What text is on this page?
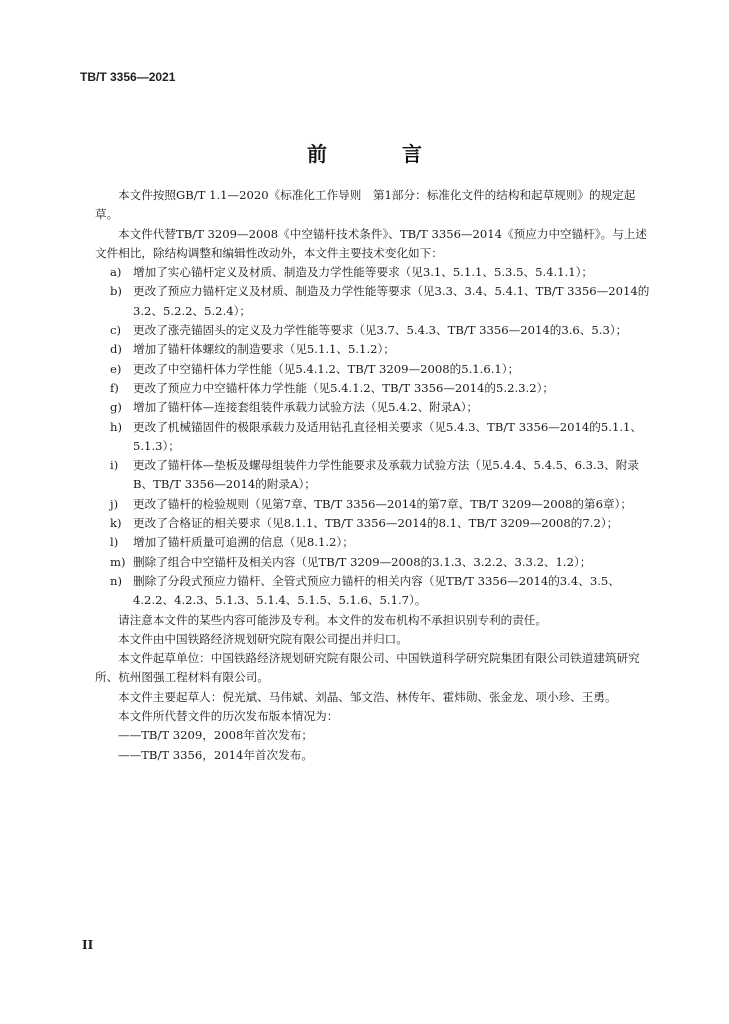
TB/T 3356—2021
前 言

本文件按照GB/T 1.1—2020《标准化工作导则　第1部分：标准化文件的结构和起草规则》的规定起草。

本文件代替TB/T 3209—2008《中空锚杆技术条件》、TB/T 3356—2014《预应力中空锚杆》。与上述文件相比，除结构调整和编辑性改动外，本文件主要技术变化如下：

a) 增加了实心锚杆定义及材质、制造及力学性能等要求（见3.1、5.1.1、5.3.5、5.4.1.1）；
b) 更改了预应力锚杆定义及材质、制造及力学性能等要求（见3.3、3.4、5.4.1、TB/T 3356—2014的3.2、5.2.2、5.2.4）；
c)	更改了涨壳锚固头的定义及力学性能等要求（见3.7、5.4.3、TB/T 3356—2014的3.6、5.3）；
d) 增加了锚杆体螺纹的制造要求（见5.1.1、5.1.2）；
e)	更改了中空锚杆体力学性能（见5.4.1.2、TB/T 3209—2008的5.1.6.1）；
f)	更改了预应力中空锚杆体力学性能（见5.4.1.2、TB/T 3356—2014的5.2.3.2）；
g) 增加了锚杆体—连接套组装件承载力试验方法（见5.4.2、附录A）；
h) 更改了机械锚固件的极限承载力及适用钻孔直径相关要求（见5.4.3、TB/T 3356—2014的5.1.1、5.1.3）；
i)	更改了锚杆体—垫板及螺母组装件力学性能要求及承载力试验方法（见5.4.4、5.4.5、6.3.3、附录B、TB/T 3356—2014的附录A）；
j)	更改了锚杆的检验规则（见第7章、TB/T 3356—2014的第7章、TB/T 3209—2008的第6章）；
k) 更改了合格证的相关要求（见8.1.1、TB/T 3356—2014的8.1、TB/T 3209—2008的7.2）；
l)	增加了锚杆质量可追溯的信息（见8.1.2）；
m) 删除了组合中空锚杆及相关内容（见TB/T 3209—2008的3.1.3、3.2.2、3.3.2、1.2）；
n) 删除了分段式预应力锚杆、全管式预应力锚杆的相关内容（见TB/T 3356—2014的3.4、3.5、4.2.2、4.2.3、5.1.3、5.1.4、5.1.5、5.1.6、5.1.7）。

请注意本文件的某些内容可能涉及专利。本文件的发布机构不承担识别专利的责任。

本文件由中国铁路经济规划研究院有限公司提出并归口。

本文件起草单位：中国铁路经济规划研究院有限公司、中国铁道科学研究院集团有限公司铁道建筑研究所、杭州图强工程材料有限公司。

本文件主要起草人：倪光斌、马伟斌、刘晶、邹文浩、林传年、霍炜勋、张金龙、项小珍、王勇。

本文件所代替文件的历次发布版本情况为：

——TB/T 3209，2008年首次发布；

——TB/T 3356，2014年首次发布。

II
